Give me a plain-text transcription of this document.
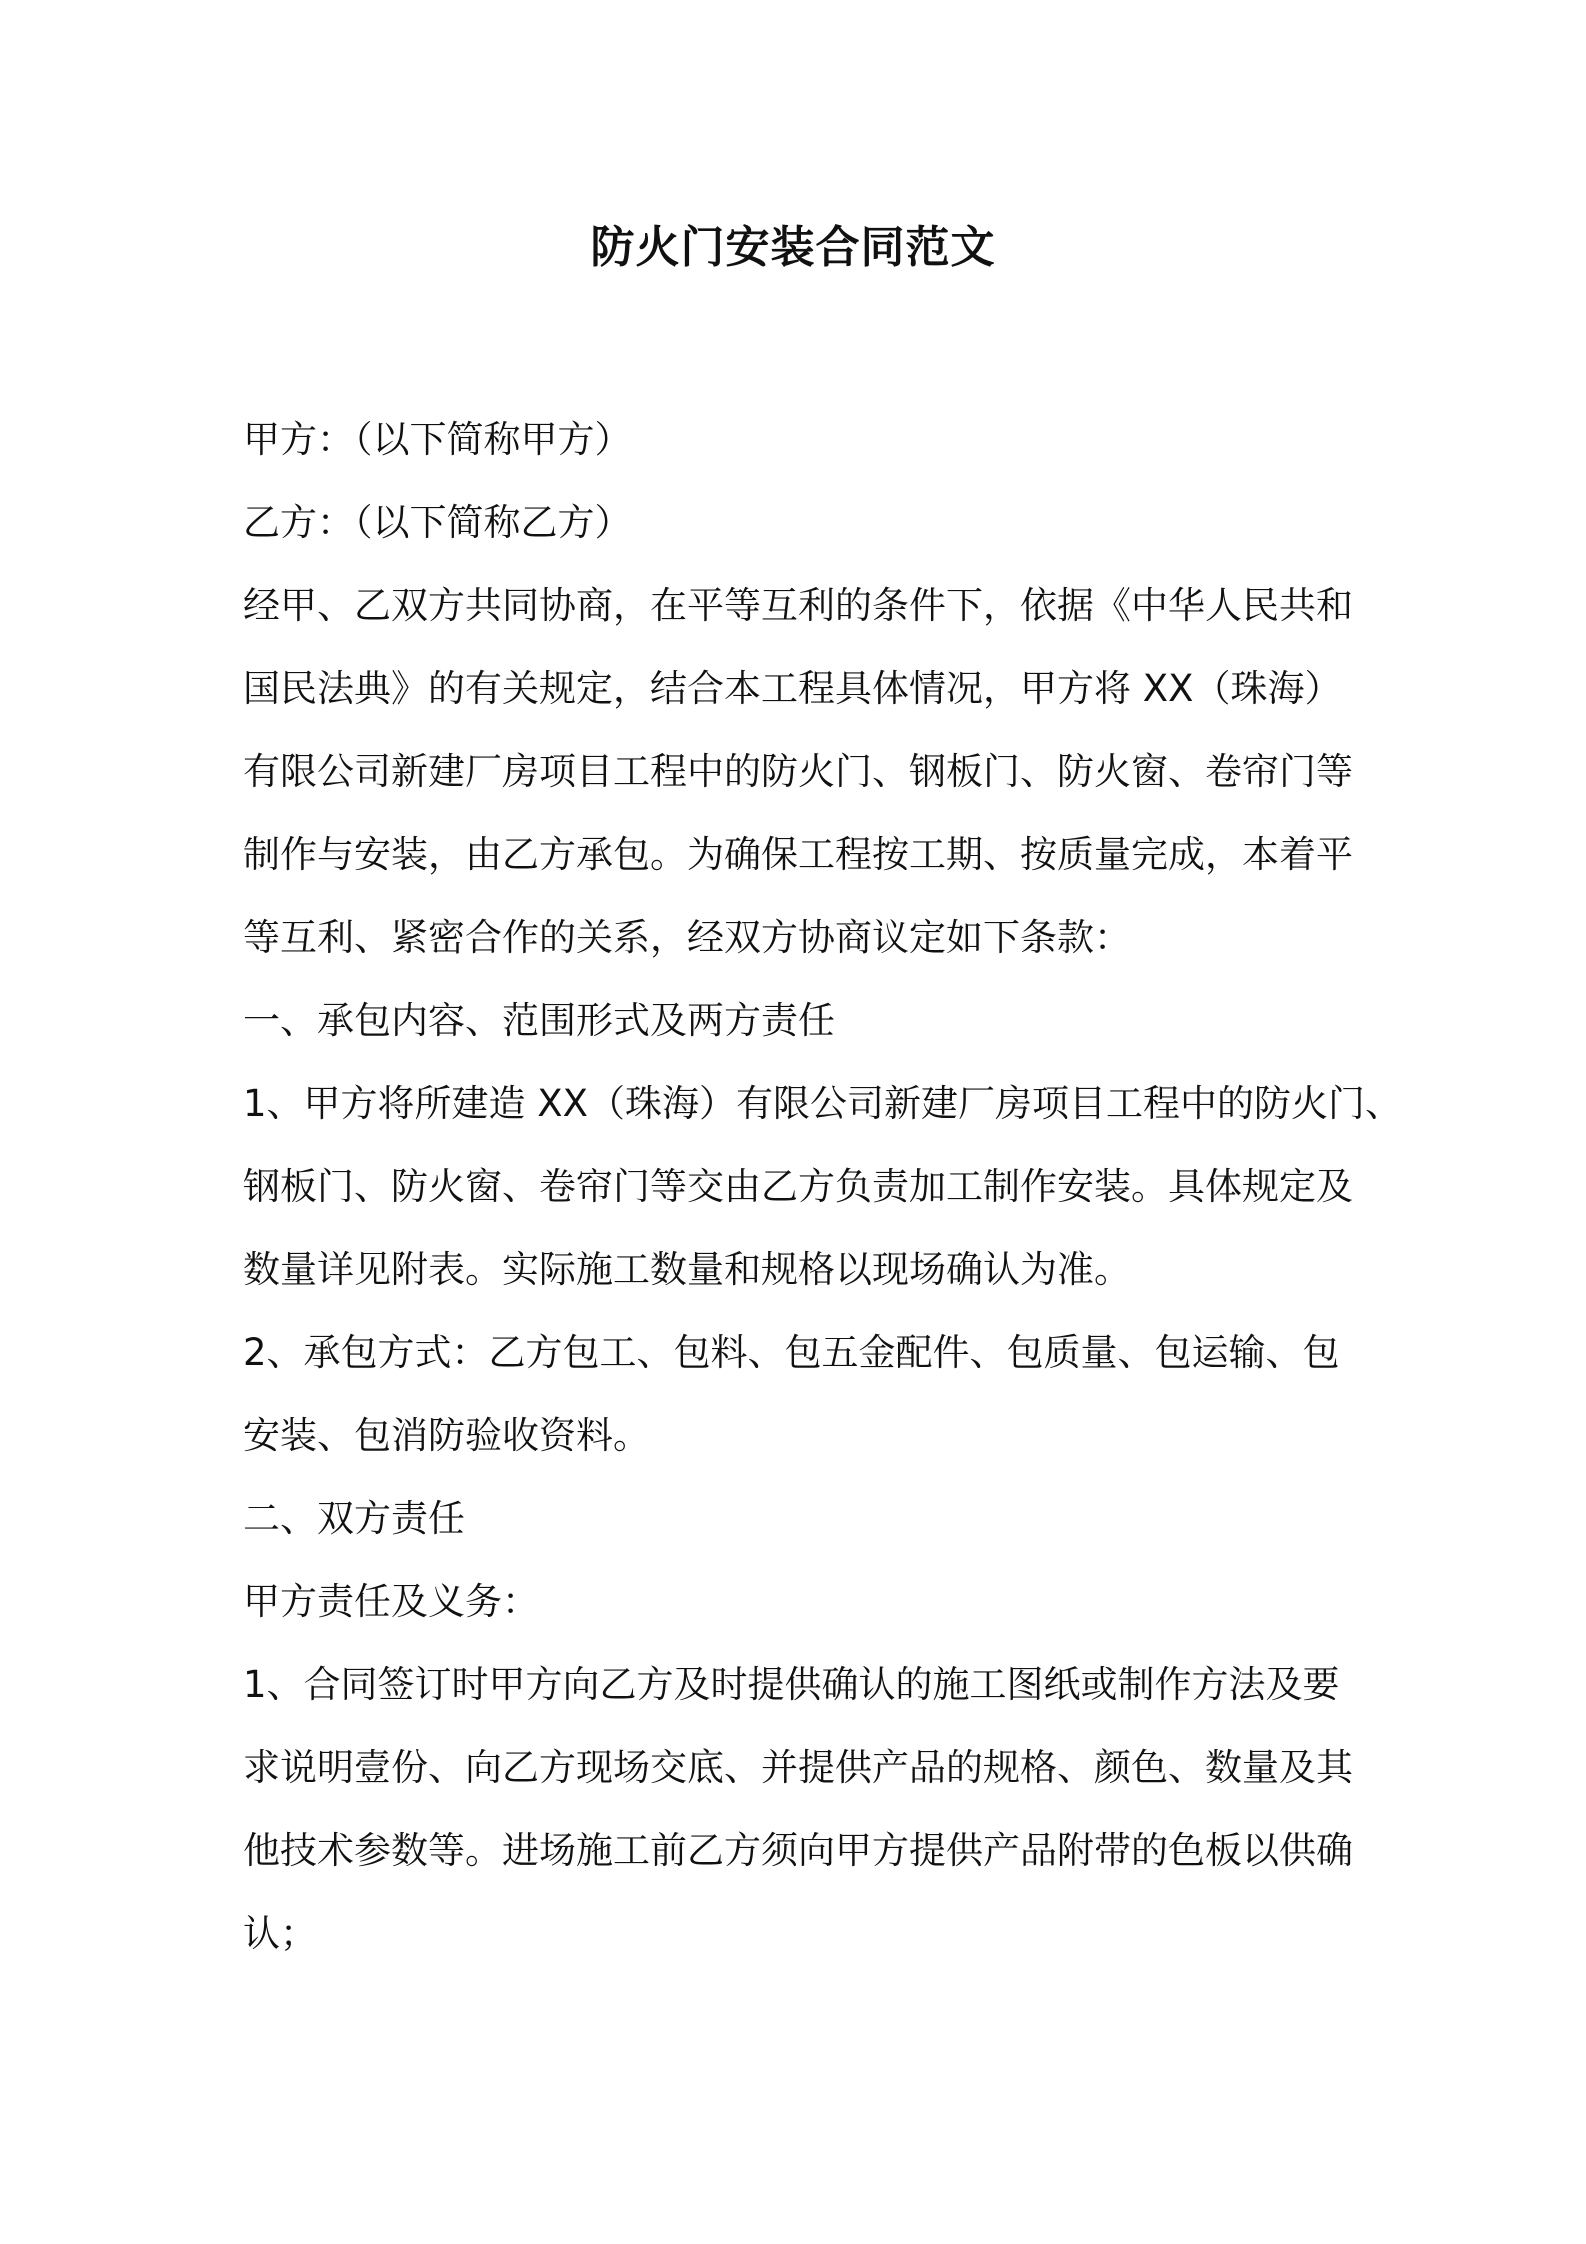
防火门安装合同范文
甲方：（以下简称甲方）
乙方：（以下简称乙方）
经甲、乙双方共同协商，在平等互利的条件下，依据《中华人民共和
国民法典》的有关规定，结合本工程具体情况，甲方将 XX（珠海）
有限公司新建厂房项目工程中的防火门、钢板门、防火窗、卷帘门等
制作与安装，由乙方承包。为确保工程按工期、按质量完成，本着平
等互利、紧密合作的关系，经双方协商议定如下条款：
一、承包内容、范围形式及两方责任
1、甲方将所建造 XX（珠海）有限公司新建厂房项目工程中的防火门、
钢板门、防火窗、卷帘门等交由乙方负责加工制作安装。具体规定及
数量详见附表。实际施工数量和规格以现场确认为准。
2、承包方式：乙方包工、包料、包五金配件、包质量、包运输、包
安装、包消防验收资料。
二、双方责任
甲方责任及义务：
1、合同签订时甲方向乙方及时提供确认的施工图纸或制作方法及要
求说明壹份、向乙方现场交底、并提供产品的规格、颜色、数量及其
他技术参数等。进场施工前乙方须向甲方提供产品附带的色板以供确
认；
